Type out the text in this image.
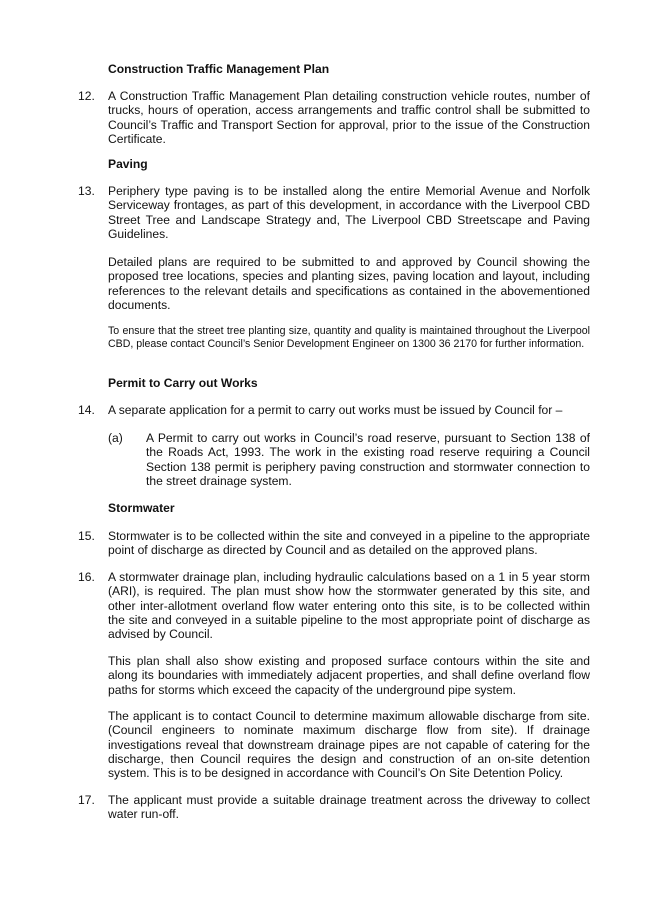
Construction Traffic Management Plan
12. A Construction Traffic Management Plan detailing construction vehicle routes, number of trucks, hours of operation, access arrangements and traffic control shall be submitted to Council’s Traffic and Transport Section for approval, prior to the issue of the Construction Certificate.
Paving
13. Periphery type paving is to be installed along the entire Memorial Avenue and Norfolk Serviceway frontages, as part of this development, in accordance with the Liverpool CBD Street Tree and Landscape Strategy and, The Liverpool CBD Streetscape and Paving Guidelines.
Detailed plans are required to be submitted to and approved by Council showing the proposed tree locations, species and planting sizes, paving location and layout, including references to the relevant details and specifications as contained in the abovementioned documents.
To ensure that the street tree planting size, quantity and quality is maintained throughout the Liverpool CBD, please contact Council’s Senior Development Engineer on 1300 36 2170 for further information.
Permit to Carry out Works
14. A separate application for a permit to carry out works must be issued by Council for –
(a) A Permit to carry out works in Council’s road reserve, pursuant to Section 138 of the Roads Act, 1993. The work in the existing road reserve requiring a Council Section 138 permit is periphery paving construction and stormwater connection to the street drainage system.
Stormwater
15. Stormwater is to be collected within the site and conveyed in a pipeline to the appropriate point of discharge as directed by Council and as detailed on the approved plans.
16. A stormwater drainage plan, including hydraulic calculations based on a 1 in 5 year storm (ARI), is required. The plan must show how the stormwater generated by this site, and other inter-allotment overland flow water entering onto this site, is to be collected within the site and conveyed in a suitable pipeline to the most appropriate point of discharge as advised by Council.
This plan shall also show existing and proposed surface contours within the site and along its boundaries with immediately adjacent properties, and shall define overland flow paths for storms which exceed the capacity of the underground pipe system.
The applicant is to contact Council to determine maximum allowable discharge from site. (Council engineers to nominate maximum discharge flow from site). If drainage investigations reveal that downstream drainage pipes are not capable of catering for the discharge, then Council requires the design and construction of an on-site detention system. This is to be designed in accordance with Council’s On Site Detention Policy.
17. The applicant must provide a suitable drainage treatment across the driveway to collect water run-off.
